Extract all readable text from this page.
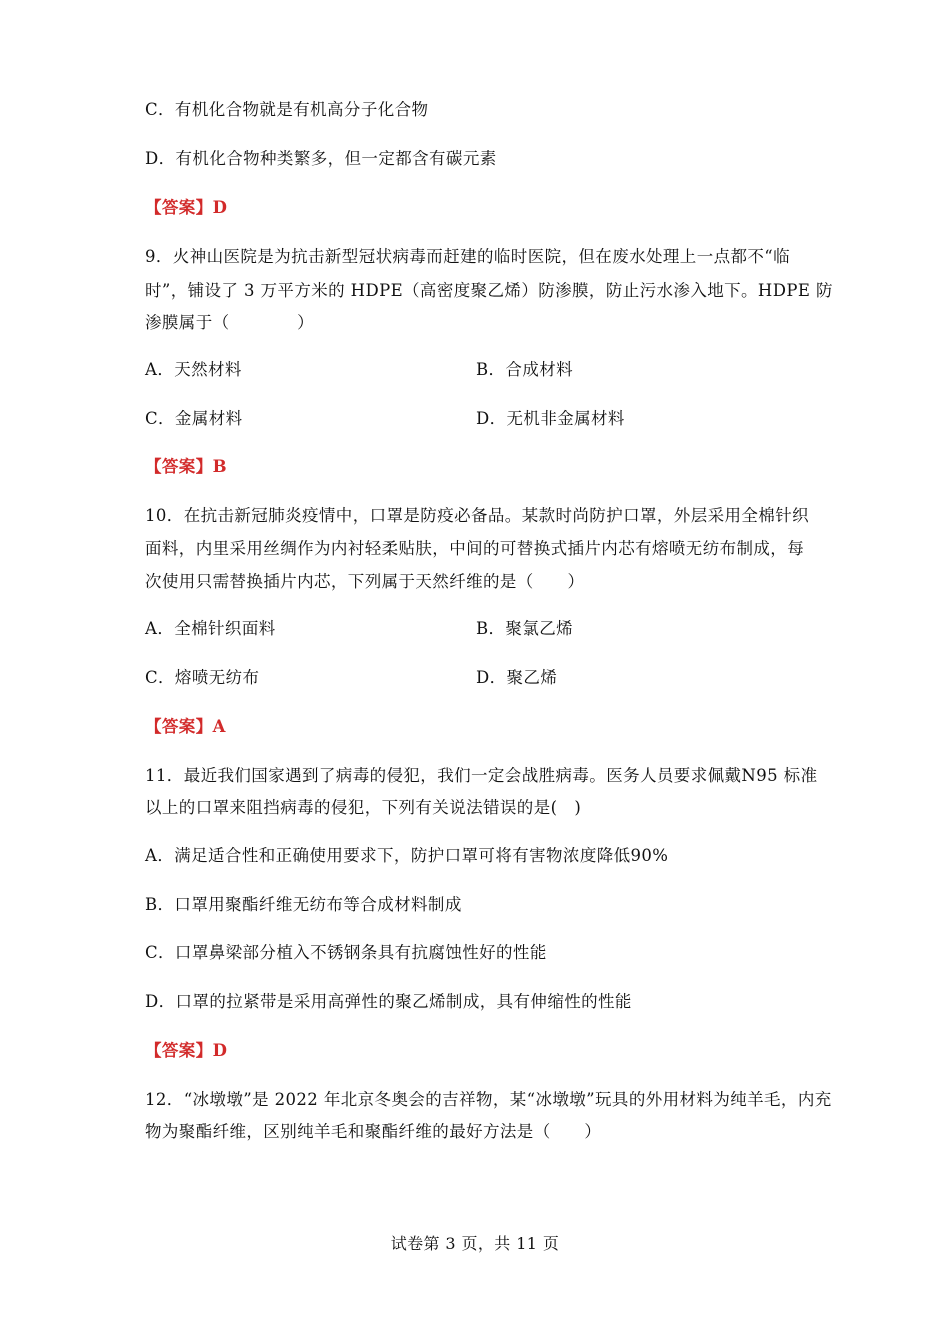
C．有机化合物就是有机高分子化合物
D．有机化合物种类繁多，但一定都含有碳元素
【答案】D
9．火神山医院是为抗击新型冠状病毒而赶建的临时医院，但在废水处理上一点都不“临
时”，铺设了 3 万平方米的 HDPE（高密度聚乙烯）防渗膜，防止污水渗入地下。HDPE 防
渗膜属于（　　　　）
A．天然材料	B．合成材料
C．金属材料	D．无机非金属材料
【答案】B
10．在抗击新冠肺炎疫情中，口罩是防疫必备品。某款时尚防护口罩，外层采用全棉针织
面料，内里采用丝绸作为内衬轻柔贴肤，中间的可替换式插片内芯有熔喷无纺布制成，每
次使用只需替换插片内芯，下列属于天然纤维的是（　　）
A．全棉针织面料	B．聚氯乙烯
C．熔喷无纺布	D．聚乙烯
【答案】A
11．最近我们国家遇到了病毒的侵犯，我们一定会战胜病毒。医务人员要求佩戴N95 标准
以上的口罩来阻挡病毒的侵犯，下列有关说法错误的是(　)
A．满足适合性和正确使用要求下，防护口罩可将有害物浓度降低90%
B．口罩用聚酯纤维无纺布等合成材料制成
C．口罩鼻梁部分植入不锈钢条具有抗腐蚀性好的性能
D．口罩的拉紧带是采用高弹性的聚乙烯制成，具有伸缩性的性能
【答案】D
12．“冰墩墩”是 2022 年北京冬奥会的吉祥物，某“冰墩墩”玩具的外用材料为纯羊毛，内充
物为聚酯纤维，区别纯羊毛和聚酯纤维的最好方法是（　　）
试卷第 3 页，共 11 页
